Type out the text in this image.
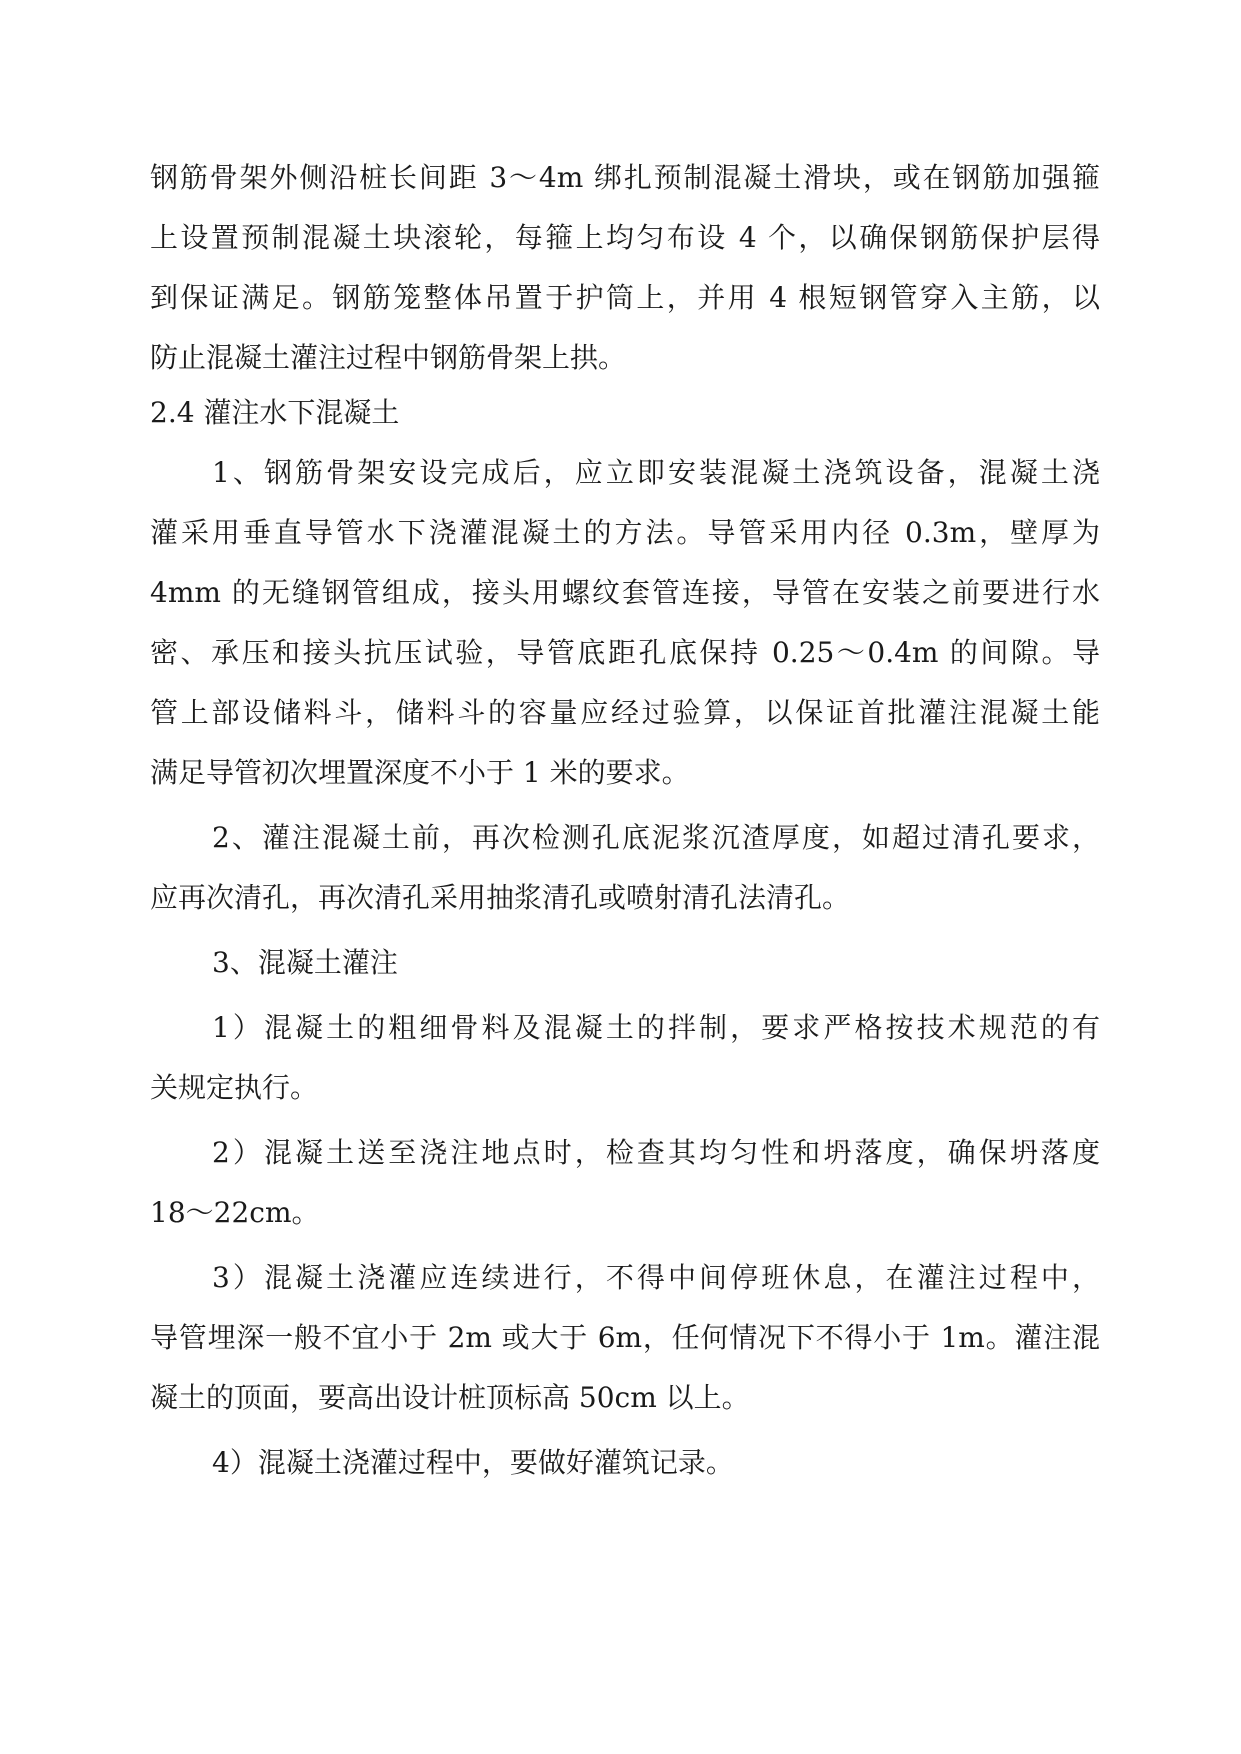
钢筋骨架外侧沿桩长间距 3～4m 绑扎预制混凝土滑块，或在钢筋加强箍
上设置预制混凝土块滚轮，每箍上均匀布设 4 个，以确保钢筋保护层得
到保证满足。钢筋笼整体吊置于护筒上，并用 4 根短钢管穿入主筋，以
防止混凝土灌注过程中钢筋骨架上拱。
2.4 灌注水下混凝土
1、钢筋骨架安设完成后，应立即安装混凝土浇筑设备，混凝土浇
灌采用垂直导管水下浇灌混凝土的方法。导管采用内径 0.3m，壁厚为
4mm 的无缝钢管组成，接头用螺纹套管连接，导管在安装之前要进行水
密、承压和接头抗压试验，导管底距孔底保持 0.25～0.4m 的间隙。导
管上部设储料斗，储料斗的容量应经过验算，以保证首批灌注混凝土能
满足导管初次埋置深度不小于 1 米的要求。
2、灌注混凝土前，再次检测孔底泥浆沉渣厚度，如超过清孔要求，
应再次清孔，再次清孔采用抽浆清孔或喷射清孔法清孔。
3、混凝土灌注
1）混凝土的粗细骨料及混凝土的拌制，要求严格按技术规范的有
关规定执行。
2）混凝土送至浇注地点时，检查其均匀性和坍落度，确保坍落度
18～22cm。
3）混凝土浇灌应连续进行，不得中间停班休息，在灌注过程中，
导管埋深一般不宜小于 2m 或大于 6m，任何情况下不得小于 1m。灌注混
凝土的顶面，要高出设计桩顶标高 50cm 以上。
4）混凝土浇灌过程中，要做好灌筑记录。
